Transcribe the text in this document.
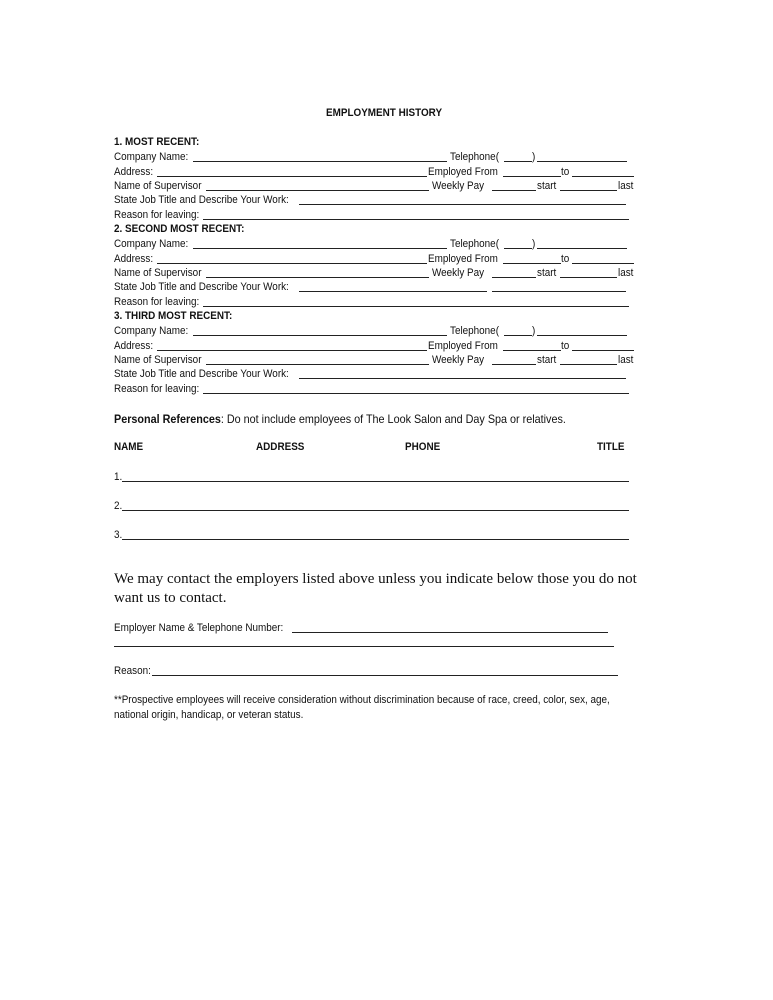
EMPLOYMENT HISTORY
1. MOST RECENT:
Company Name:	Telephone(	)
Address:	Employed From	to
Name of Supervisor	Weekly Pay	start	last
State Job Title and Describe Your Work:
Reason for leaving:
2. SECOND MOST RECENT:
Company Name:	Telephone(	)
Address:	Employed From	to
Name of Supervisor	Weekly Pay	start	last
State Job Title and Describe Your Work:
Reason for leaving:
3. THIRD MOST RECENT:
Company Name:	Telephone(	)
Address:	Employed From	to
Name of Supervisor	Weekly Pay	start	last
State Job Title and Describe Your Work:
Reason for leaving:
Personal References: Do not include employees of The Look Salon and Day Spa or relatives.
NAME	ADDRESS	PHONE	TITLE
1.
2.
3.
We may contact the employers listed above unless you indicate below those you do not want us to contact.
Employer Name & Telephone Number:
Reason:
**Prospective employees will receive consideration without discrimination because of race, creed, color, sex, age,
national origin, handicap, or veteran status.
